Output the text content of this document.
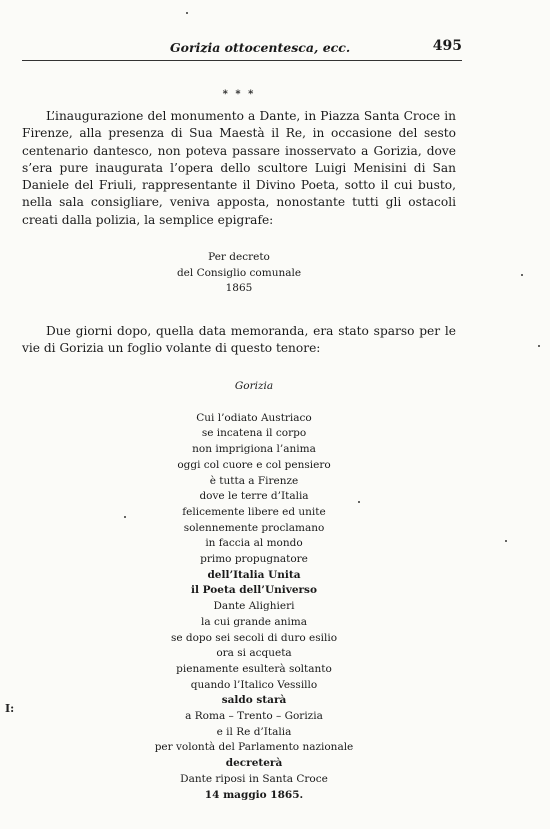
Gorizia ottocentesca, ecc.	495
* * *

L’inaugurazione del monumento a Dante, in Piazza Santa Croce in Firenze, alla presenza di Sua Maestà il Re, in occasione del sesto centenario dantesco, non poteva passare inosservato a Gorizia, dove s’era pure inaugurata l’opera dello scultore Luigi Menisini di San Daniele del Friuli, rappresentante il Divino Poeta, sotto il cui busto, nella sala consigliare, veniva apposta, nonostante tutti gli ostacoli creati dalla polizia, la semplice epigrafe:

Per decreto
del Consiglio comunale
1865

Due giorni dopo, quella data memoranda, era stato sparso per le vie di Gorizia un foglio volante di questo tenore:

Gorizia
Cui l’odiato Austriaco
se incatena il corpo
non imprigiona l’anima
oggi col cuore e col pensiero
è tutta a Firenze
dove le terre d’Italia
felicemente libere ed unite
solennemente proclamano
in faccia al mondo
primo propugnatore
dell’Italia Unita
il Poeta dell’Universo
Dante Alighieri
la cui grande anima
se dopo sei secoli di duro esilio
ora si acqueta
pienamente esulterà soltanto
quando l’Italico Vessillo
saldo starà
a Roma – Trento – Gorizia
e il Re d’Italia
per volontà del Parlamento nazionale
decreterà
Dante riposi in Santa Croce
14 maggio 1865.
I:
